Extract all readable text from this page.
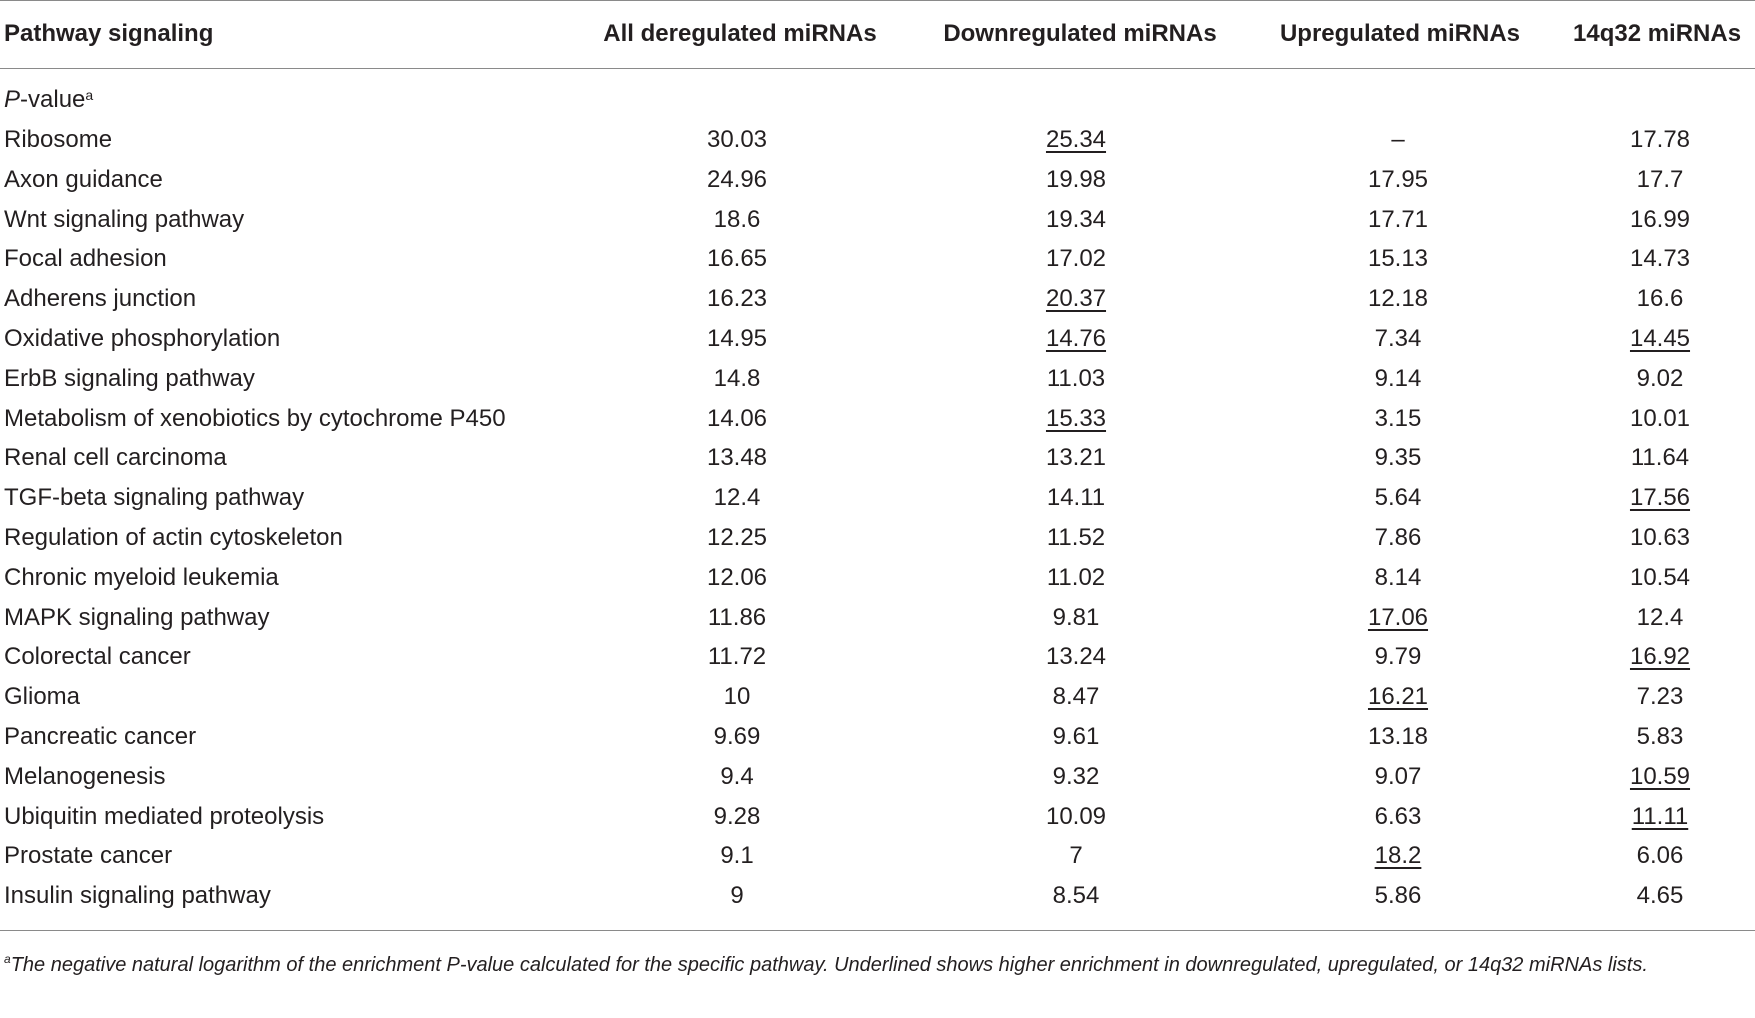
Pathway signaling	All deregulated miRNAs	Downregulated miRNAs	Upregulated miRNAs	14q32 miRNAs
P-value$^a$
Ribosome	30.03	25.34	–	17.78
Axon guidance	24.96	19.98	17.95	17.7
Wnt signaling pathway	18.6	19.34	17.71	16.99
Focal adhesion	16.65	17.02	15.13	14.73
Adherens junction	16.23	20.37	12.18	16.6
Oxidative phosphorylation	14.95	14.76	7.34	14.45
ErbB signaling pathway	14.8	11.03	9.14	9.02
Metabolism of xenobiotics by cytochrome P450	14.06	15.33	3.15	10.01
Renal cell carcinoma	13.48	13.21	9.35	11.64
TGF-beta signaling pathway	12.4	14.11	5.64	17.56
Regulation of actin cytoskeleton	12.25	11.52	7.86	10.63
Chronic myeloid leukemia	12.06	11.02	8.14	10.54
MAPK signaling pathway	11.86	9.81	17.06	12.4
Colorectal cancer	11.72	13.24	9.79	16.92
Glioma	10	8.47	16.21	7.23
Pancreatic cancer	9.69	9.61	13.18	5.83
Melanogenesis	9.4	9.32	9.07	10.59
Ubiquitin mediated proteolysis	9.28	10.09	6.63	11.11
Prostate cancer	9.1	7	18.2	6.06
Insulin signaling pathway	9	8.54	5.86	4.65
$^a$The negative natural logarithm of the enrichment P-value calculated for the specific pathway. Underlined shows higher enrichment in downregulated, upregulated, or 14q32 miRNAs lists.
